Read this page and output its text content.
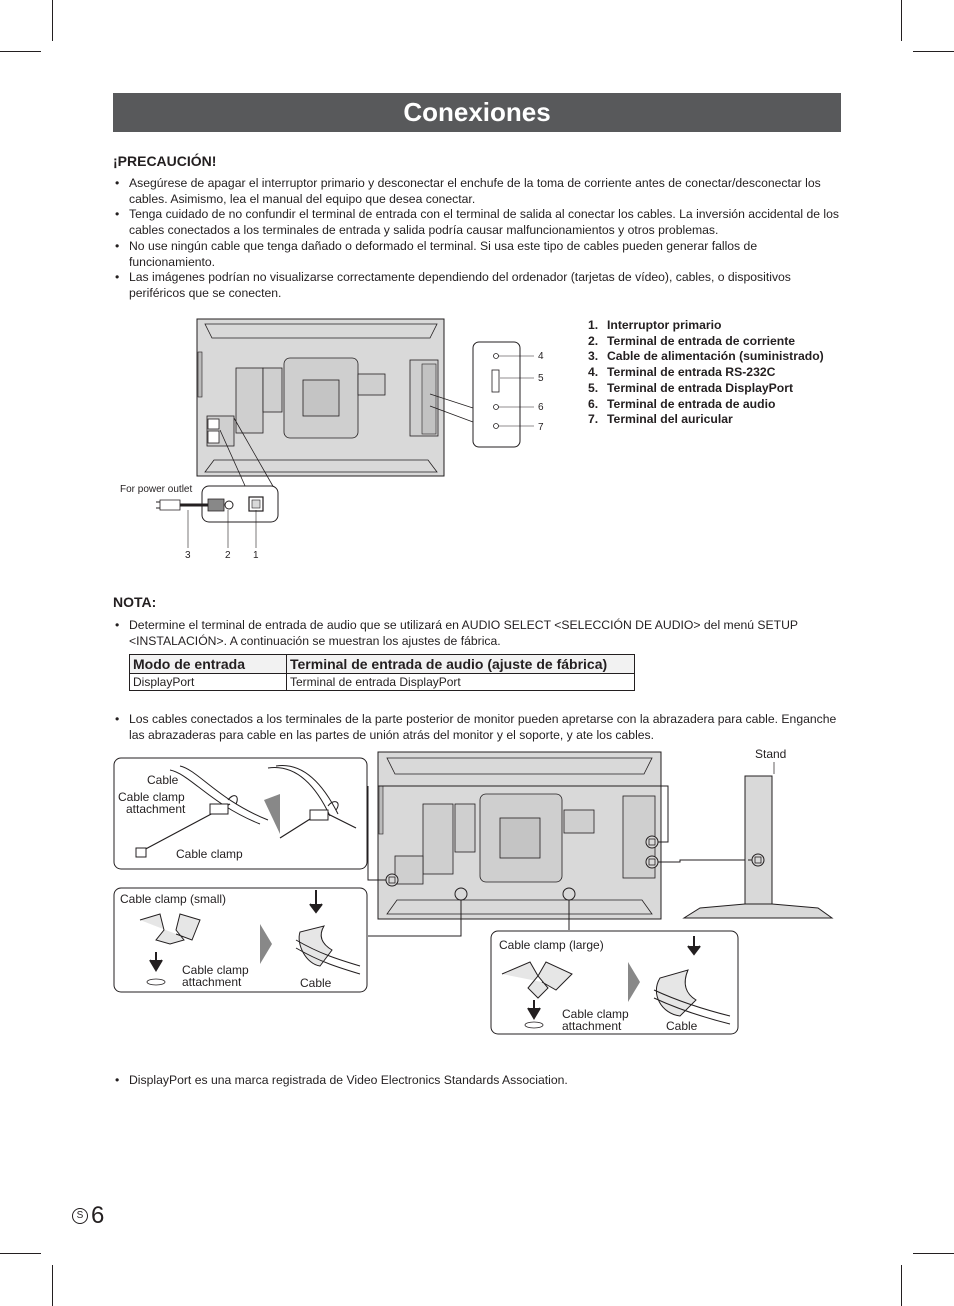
Conexiones
¡PRECAUCIÓN!
• Asegúrese de apagar el interruptor primario y desconectar el enchufe de la toma de corriente antes de conectar/desconectar los cables. Asimismo, lea el manual del equipo que desea conectar.
• Tenga cuidado de no confundir el terminal de entrada con el terminal de salida al conectar los cables. La inversión accidental de los cables conectados a los terminales de entrada y salida podría causar malfuncionamientos y otros problemas.
• No use ningún cable que tenga dañado o deformado el terminal. Si usa este tipo de cables pueden generar fallos de funcionamiento.
• Las imágenes podrían no visualizarse correctamente dependiendo del ordenador (tarjetas de vídeo), cables, o dispositivos periféricos que se conecten.
For power outlet
3	2 1
4
5
6
7
1. Interruptor primario
2. Terminal de entrada de corriente
3. Cable de alimentación (suministrado)
4. Terminal de entrada RS-232C
5. Terminal de entrada DisplayPort
6. Terminal de entrada de audio
7. Terminal del auricular
NOTA:
• Determine el terminal de entrada de audio que se utilizará en AUDIO SELECT <SELECCIÓN DE AUDIO> del menú SETUP <INSTALACIÓN>. A continuación se muestran los ajustes de fábrica.
Modo de entrada	Terminal de entrada de audio (ajuste de fábrica)
DisplayPort	Terminal de entrada DisplayPort
• Los cables conectados a los terminales de la parte posterior de monitor pueden apretarse con la abrazadera para cable. Enganche las abrazaderas para cable en las partes de unión atrás del monitor y el soporte, y ate los cables.
Stand
Cable
Cable clamp
attachment
Cable clamp
Cable clamp (small)
Cable clamp
attachment	Cable
Cable clamp (large)
Cable clamp
attachment	Cable
• DisplayPort es una marca registrada de Video Electronics Standards Association.
S 6
